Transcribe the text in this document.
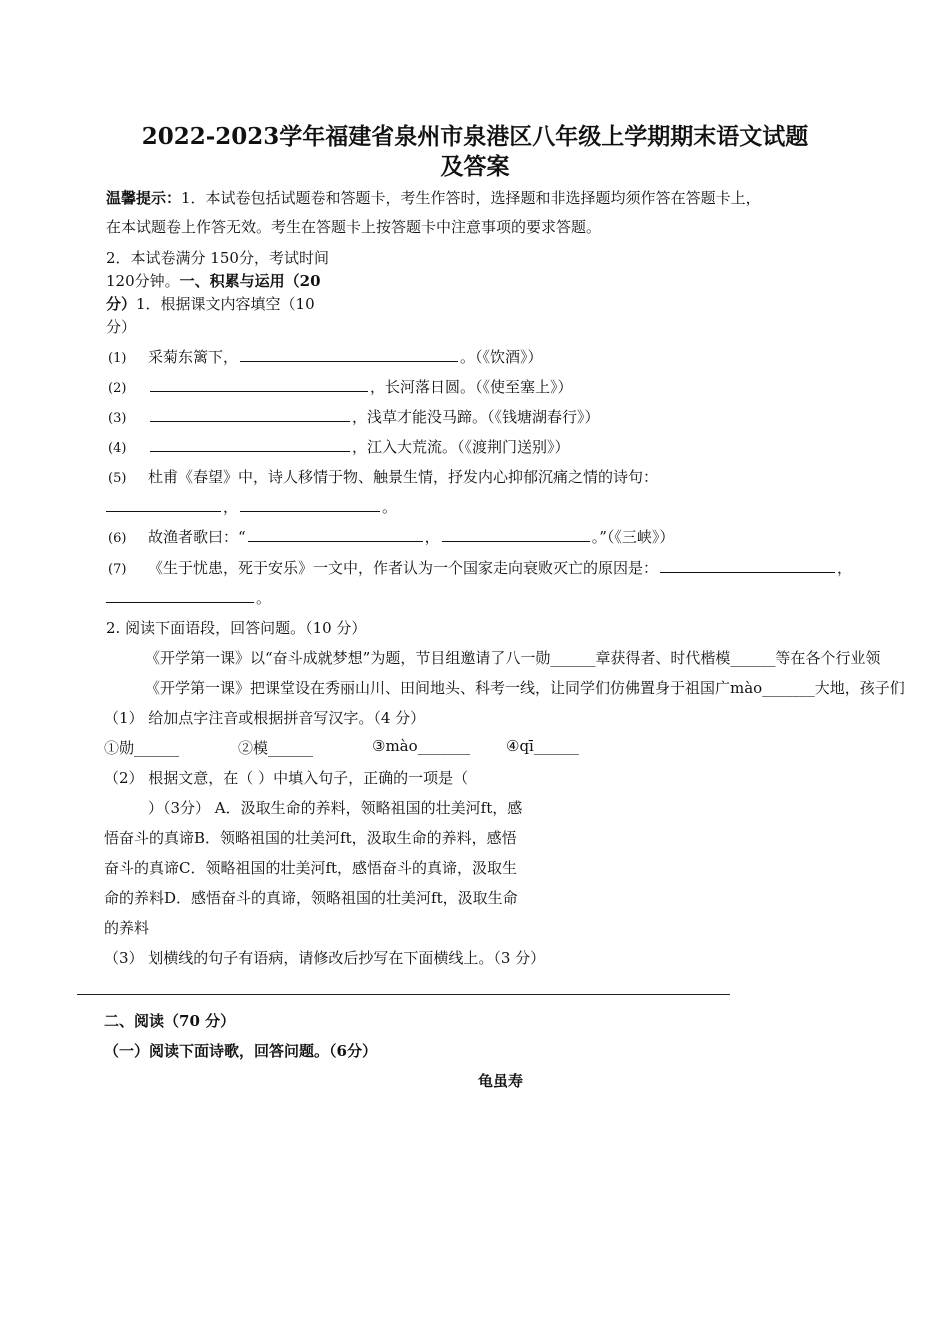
2022-2023学年福建省泉州市泉港区八年级上学期期末语文试题
及答案
温馨提示：1．本试卷包括试题卷和答题卡，考生作答时，选择题和非选择题均须作答在答题卡上，
在本试题卷上作答无效。考生在答题卡上按答题卡中注意事项的要求答题。
2．本试卷满分 150分，考试时间
120分钟。一、积累与运用（20
分）1．根据课文内容填空（10
分）
(1) 采菊东篱下，	。（《饮酒》）
(2)	，长河落日圆。（《使至塞上》）
(3)	，浅草才能没马蹄。（《钱塘湖春行》）
(4)	，江入大荒流。（《渡荆门送别》）
(5) 杜甫《春望》中，诗人移情于物、触景生情，抒发内心抑郁沉痛之情的诗句：
，	。
(6) 故渔者歌曰：“	，	。”（《三峡》）
(7) 《生于忧患，死于安乐》一文中，作者认为一个国家走向衰败灭亡的原因是：	，
。
2. 阅读下面语段，回答问题。（10 分）
《开学第一课》以“奋斗成就梦想”为题，节目组邀请了八一勋______章获得者、时代楷模______等在各个行业领
《开学第一课》把课堂设在秀丽山川、田间地头、科考一线，让同学们仿佛置身于祖国广mào_______大地，孩子们
（1） 给加点字注音或根据拼音写汉字。（4 分）
①勋______	②模______	③mào_______ ④qī______
（2） 根据文意，在（ ）中填入句子，正确的一项是（
）（3分） A．汲取生命的养料，领略祖国的壮美河ft，感
悟奋斗的真谛B．领略祖国的壮美河ft，汲取生命的养料，感悟
奋斗的真谛C．领略祖国的壮美河ft，感悟奋斗的真谛，汲取生
命的养料D．感悟奋斗的真谛，领略祖国的壮美河ft，汲取生命
的养料
（3） 划横线的句子有语病，请修改后抄写在下面横线上。（3 分）
二、阅读（70 分）
（一）阅读下面诗歌，回答问题。（6分）
龟虽寿
